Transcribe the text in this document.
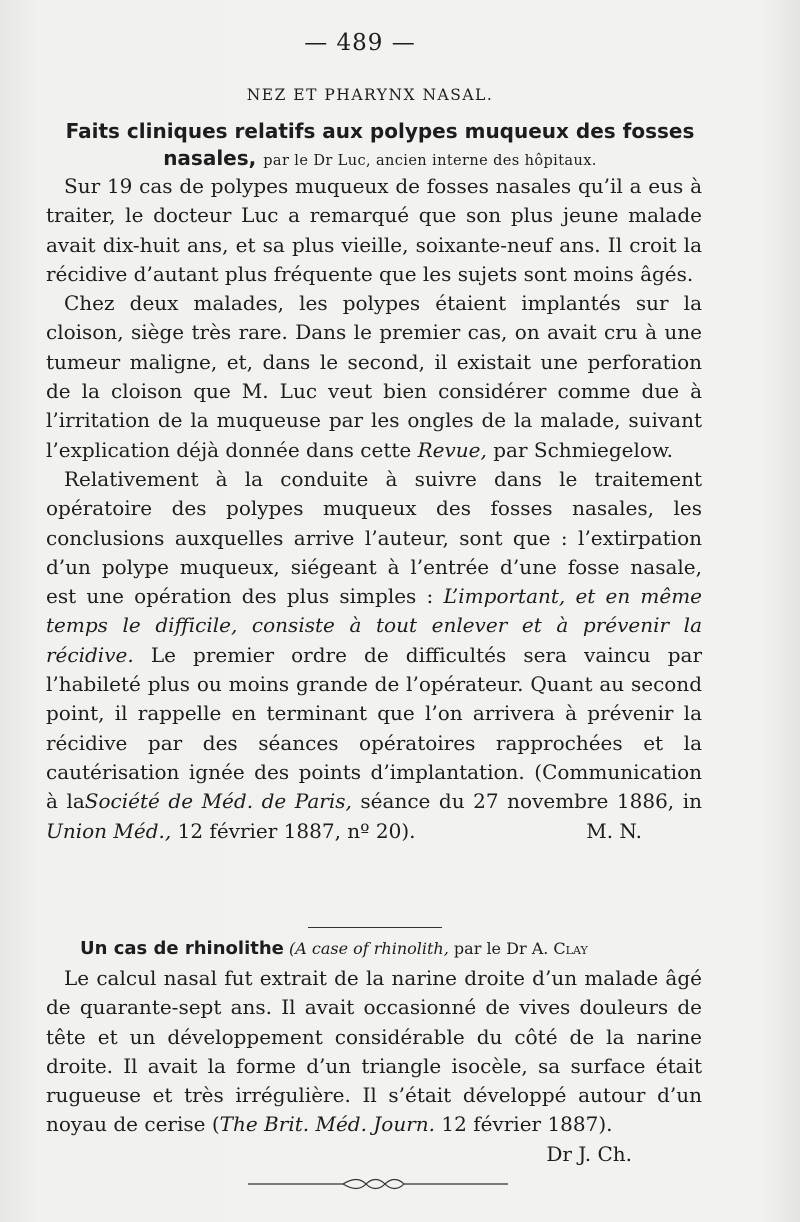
— 489 —
NEZ ET PHARYNX NASAL.
Faits cliniques relatifs aux polypes muqueux des fosses nasales, par le Dr Luc, ancien interne des hôpitaux.

Sur 19 cas de polypes muqueux de fosses nasales qu’il a eus à traiter, le docteur Luc a remarqué que son plus jeune malade avait dix-huit ans, et sa plus vieille, soixante-neuf ans. Il croit la récidive d’autant plus fréquente que les sujets sont moins âgés.

Chez deux malades, les polypes étaient implantés sur la cloison, siège très rare. Dans le premier cas, on avait cru à une tumeur maligne, et, dans le second, il existait une perforation de la cloison que M. Luc veut bien considérer comme due à l’irritation de la muqueuse par les ongles de la malade, suivant l’explication déjà donnée dans cette Revue, par Schmiegelow.

Relativement à la conduite à suivre dans le traitement opératoire des polypes muqueux des fosses nasales, les conclusions auxquelles arrive l’auteur, sont que : l’extirpation d’un polype muqueux, siégeant à l’entrée d’une fosse nasale, est une opération des plus simples : L’important, et en même temps le difficile, consiste à tout enlever et à prévenir la récidive. Le premier ordre de difficultés sera vaincu par l’habileté plus ou moins grande de l’opérateur. Quant au second point, il rappelle en terminant que l’on arrivera à prévenir la récidive par des séances opératoires rapprochées et la cautérisation ignée des points d’implantation. (Communication à laSociété de Méd. de Paris, séance du 27 novembre 1886, in Union Méd., 12 février 1887, nº 20).	M. N.

Un cas de rhinolithe (A case of rhinolith, par le Dr A. Clay

Le calcul nasal fut extrait de la narine droite d’un malade âgé de quarante-sept ans. Il avait occasionné de vives douleurs de tête et un développement considérable du côté de la narine droite. Il avait la forme d’un triangle isocèle, sa surface était rugueuse et très irrégulière. Il s’était développé autour d’un noyau de cerise (The Brit. Méd. Journ. 12 février 1887).
Dr J. Ch.
